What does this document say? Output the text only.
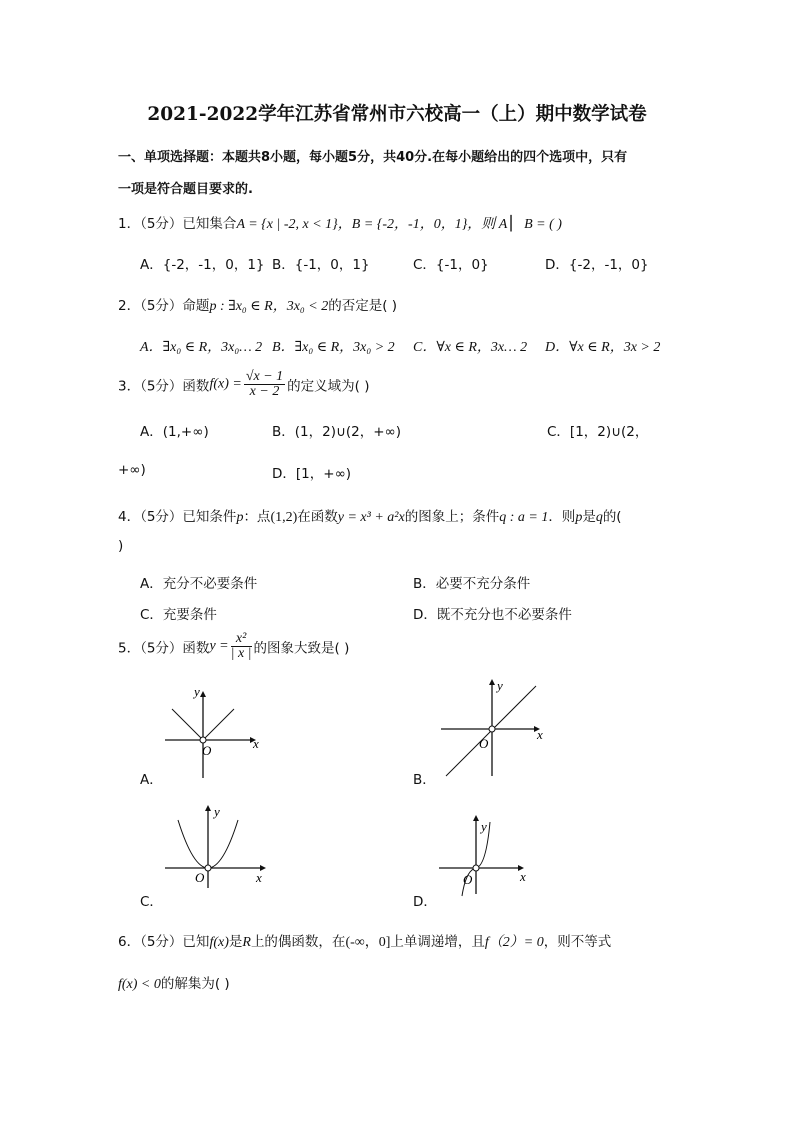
2021-2022学年江苏省常州市六校高一（上）期中数学试卷
一、单项选择题：本题共8小题，每小题5分，共40分.在每小题给出的四个选项中，只有
一项是符合题目要求的.
1．（5分）已知集合A = {x | -2, x < 1}，B = {-2，-1，0，1}，则 A ▏ B = ( )
A．{-2，-1，0，1} B．{-1，0，1}	C．{-1，0}	D．{-2，-1，0}
2．（5分）命题p : ∃x₀ ∈ R，3x₀ < 2的否定是( )
A．∃x₀ ∈ R，3x₀… 2 B．∃x₀ ∈ R，3x₀ > 2 C．∀x ∈ R，3x… 2 D．∀x ∈ R，3x > 2
3．（5分）函数$f(x) = \frac{√x - 1}{x - 2}$ 的定义域为( )
A．(1,+∞)	B．(1，2)∪(2，+∞)	C．[1，2)∪(2，
+∞)	D．[1，+∞)
4．（5分）已知条件p：点(1,2)在函数y = x³ + a²x的图象上；条件q : a = 1．则p是q的(
)
A．充分不必要条件	B．必要不充分条件
C．充要条件	D．既不充分也不必要条件
5．（5分）函数$y = \frac{\text{x²}}{| x |}$ 的图象大致是( )
x
y
O
A．
x
y
O
B．
x
y
O
C．
x
y
O
D．
6．（5分）已知f(x)是R上的偶函数，在(-∞，0]上单调递增，且f（2）= 0，则不等式
f(x) < 0的解集为( )
